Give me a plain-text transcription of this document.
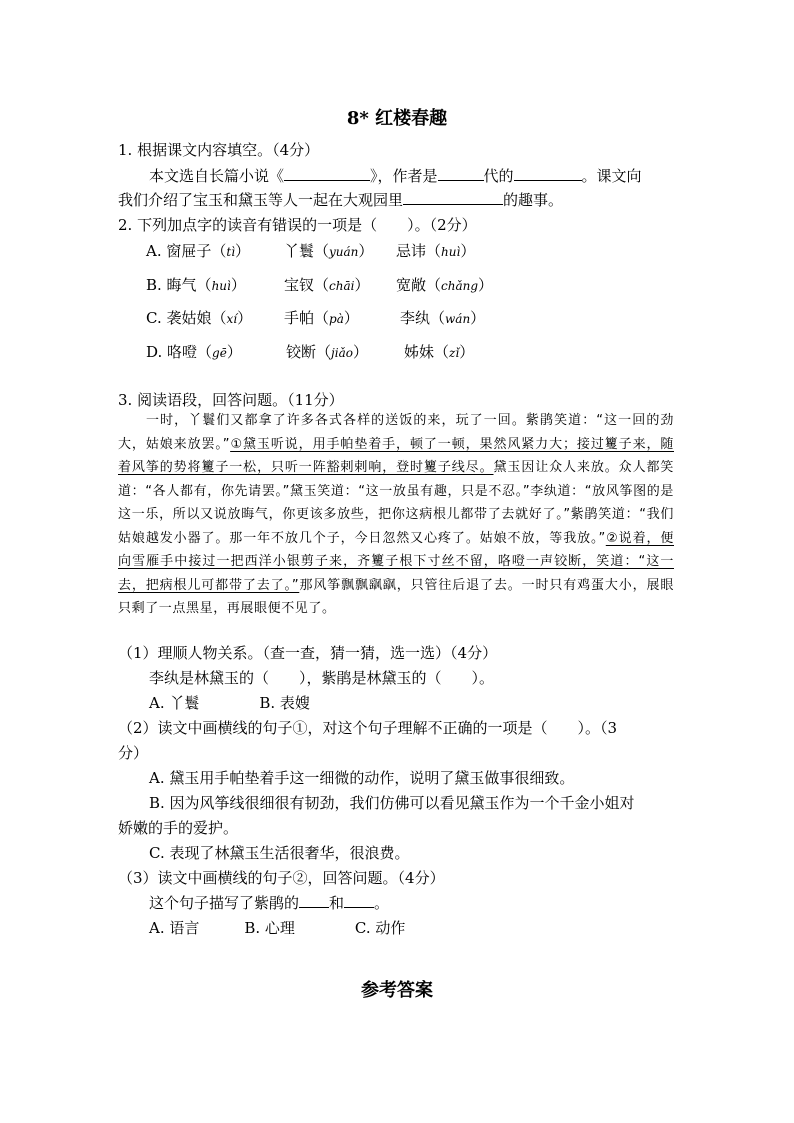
8* 红楼春趣
1. 根据课文内容填空。（4分）
本文选自长篇小说《	》，作者是	代的	。课文向
我们介绍了宝玉和黛玉等人一起在大观园里	的趣事。
2. 下列加点字的读音有错误的一项是（　　）。（2分）
A. 窗屉子（tì） 丫鬟（yuán） 忌讳（huì）
B. 晦气（huì）	宝钗（chāi） 宽敞（chǎng）
C. 袭姑娘（xí） 手帕（pà）	李纨（wán）
D. 咯噔（gē）	铰断（jiǎo） 姊妹（zǐ）
3. 阅读语段，回答问题。（11分）
一时，丫鬟们又都拿了许多各式各样的送饭的来，玩了一回。紫鹃笑道：“这一回的劲大，姑娘来放罢。”①黛玉听说，用手帕垫着手，顿了一顿，果然风紧力大；接过籰子来，随着风筝的势将籰子一松，只听一阵豁剌剌响，登时籰子线尽。黛玉因让众人来放。众人都笑道：“各人都有，你先请罢。”黛玉笑道：“这一放虽有趣，只是不忍。”李纨道：“放风筝图的是这一乐，所以又说放晦气，你更该多放些，把你这病根儿都带了去就好了。”紫鹃笑道：“我们姑娘越发小器了。那一年不放几个子，今日忽然又心疼了。姑娘不放，等我放。”②说着，便向雪雁手中接过一把西洋小银剪子来，齐籰子根下寸丝不留，咯噔一声铰断，笑道：“这一去，把病根儿可都带了去了。”那风筝飘飘飖飖，只管往后退了去。一时只有鸡蛋大小，展眼只剩了一点黑星，再展眼便不见了。
（1）理顺人物关系。（查一查，猜一猜，选一选）（4分）
李纨是林黛玉的（　　），紫鹃是林黛玉的（　　）。
A. 丫鬟　　　　B. 表嫂
（2）读文中画横线的句子①，对这个句子理解不正确的一项是（　　）。（3
分）
A. 黛玉用手帕垫着手这一细微的动作，说明了黛玉做事很细致。
B. 因为风筝线很细很有韧劲，我们仿佛可以看见黛玉作为一个千金小姐对
娇嫩的手的爱护。
C. 表现了林黛玉生活很奢华，很浪费。
（3）读文中画横线的句子②，回答问题。（4分）
这个句子描写了紫鹃的 和 。
A. 语言　　　B. 心理　　　　C. 动作
参考答案
